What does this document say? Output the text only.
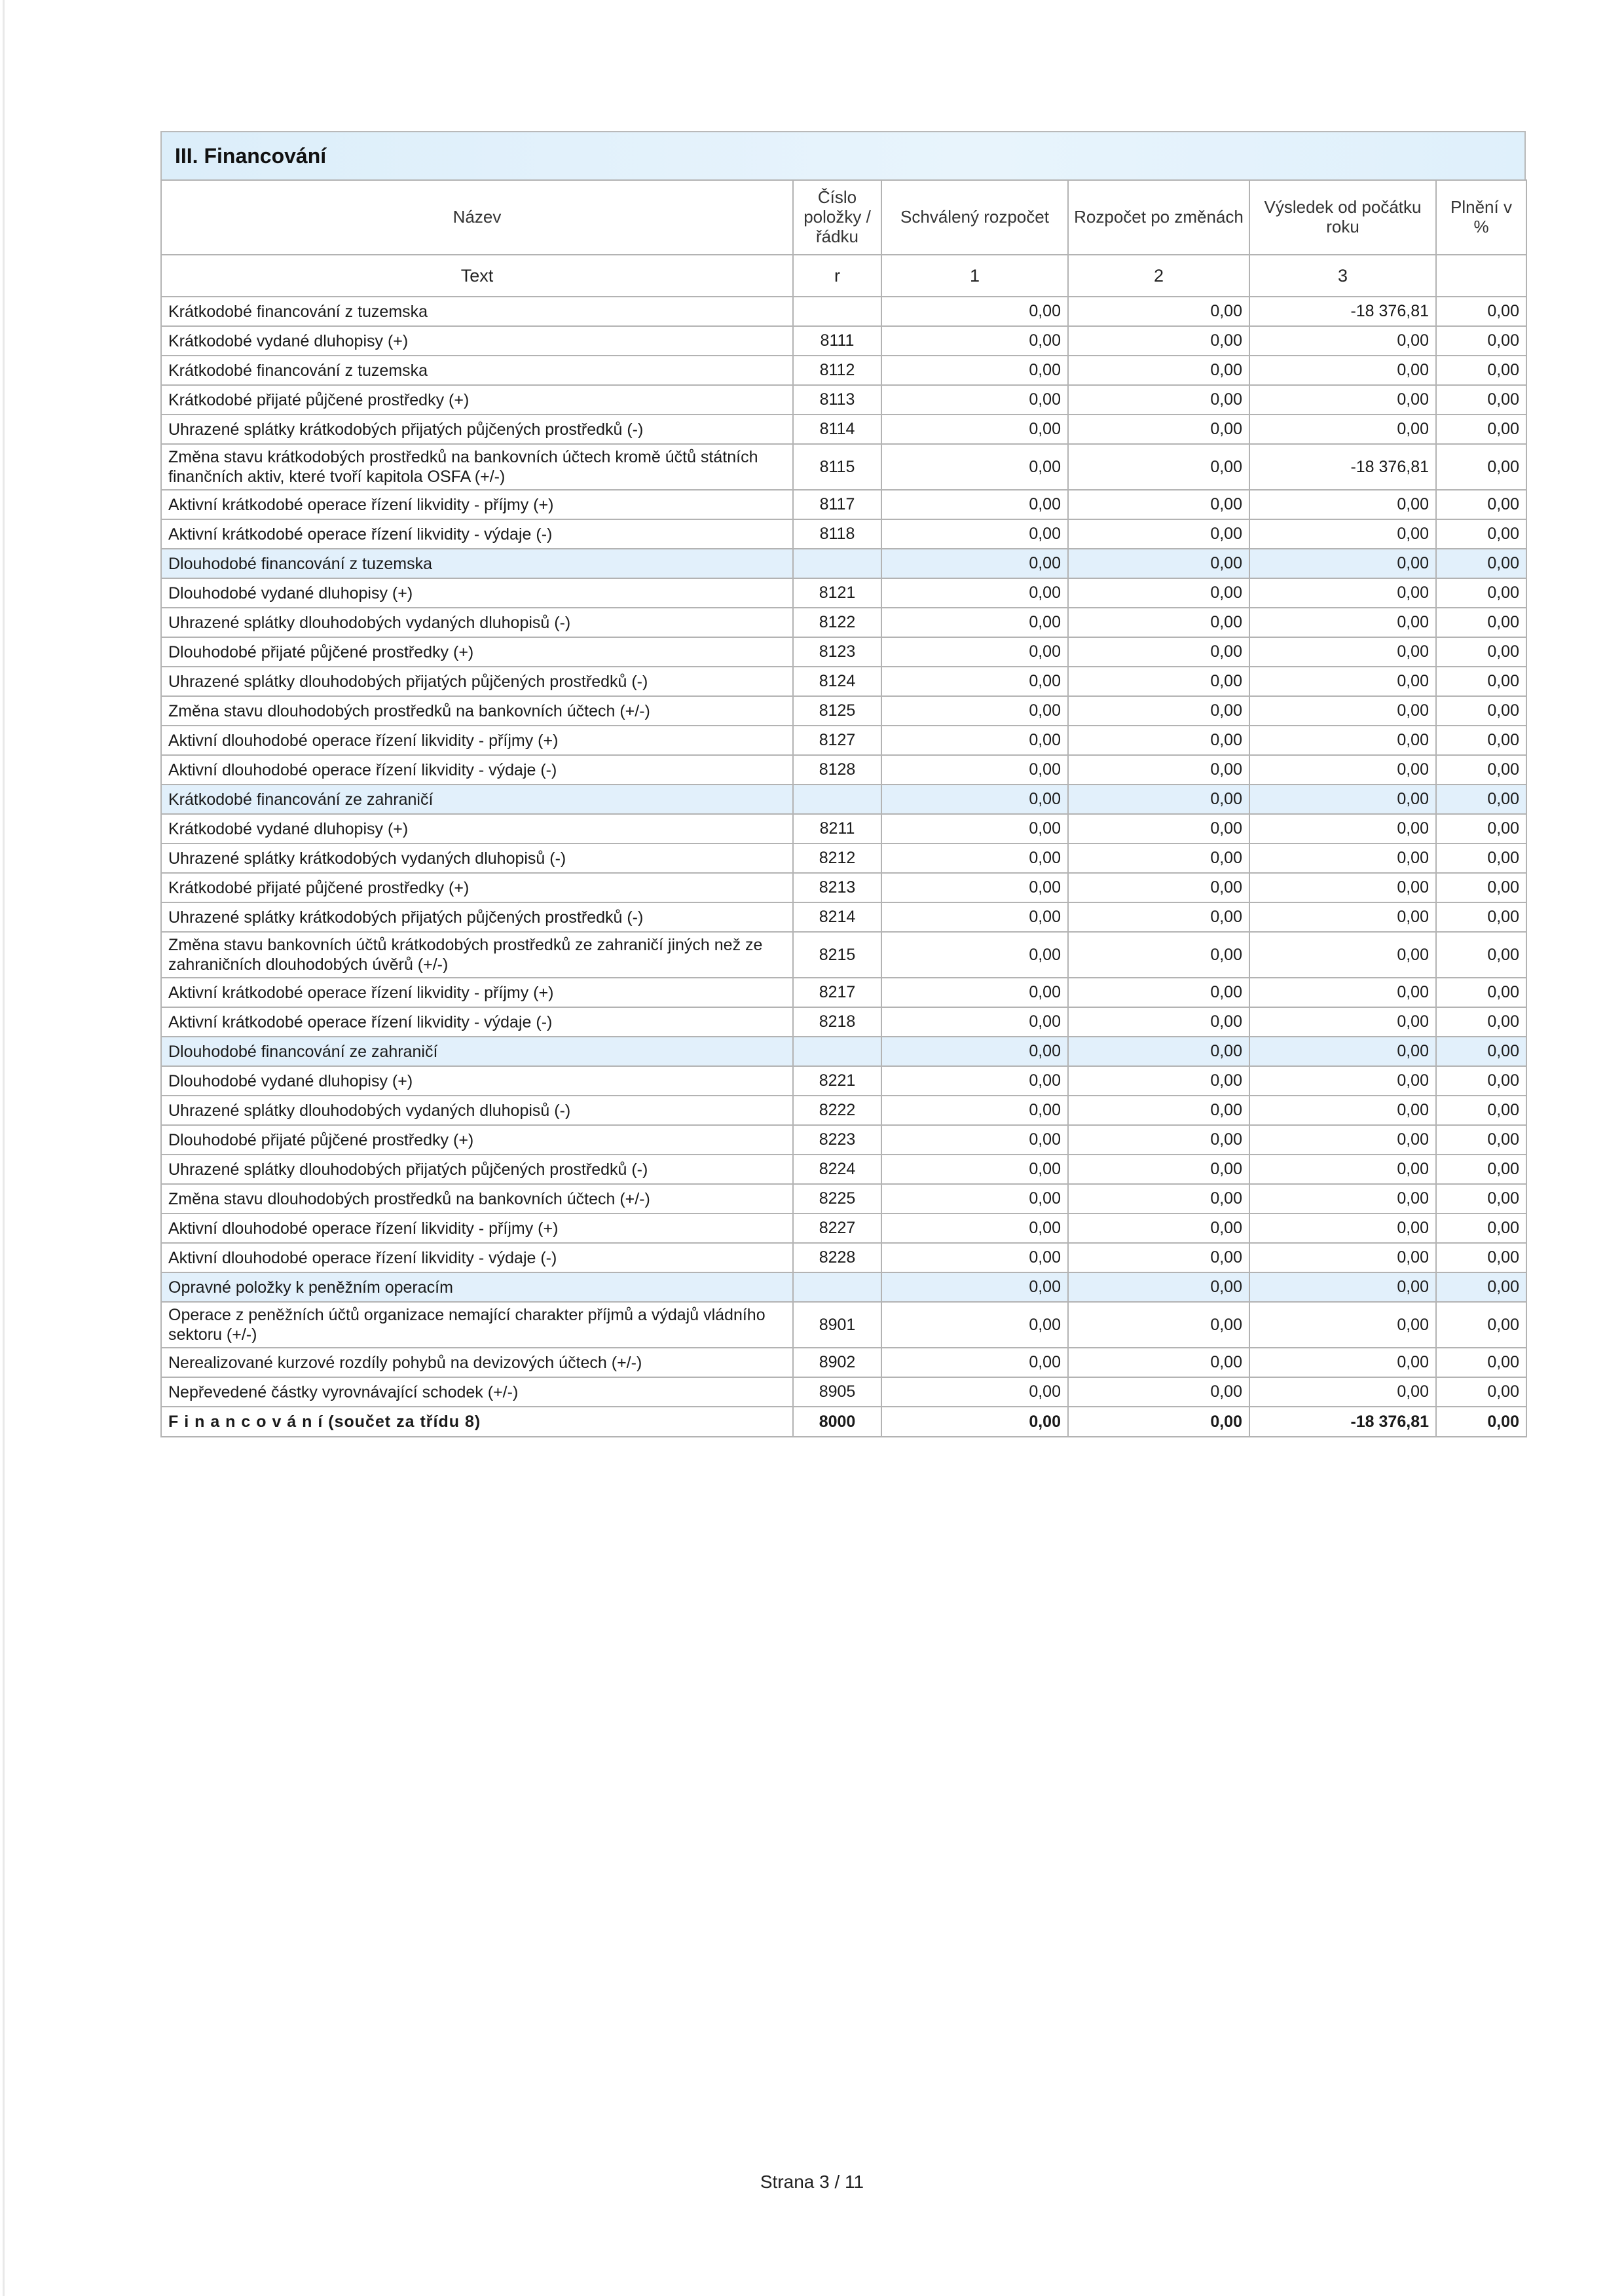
III. Financování
Název	Číslo položky / řádku	Schválený rozpočet	Rozpočet po změnách	Výsledek od počátku roku	Plnění v %
Text	r	1	2	3	
Krátkodobé financování z tuzemska		0,00	0,00	-18 376,81	0,00
Krátkodobé vydané dluhopisy (+)	8111	0,00	0,00	0,00	0,00
Krátkodobé financování z tuzemska	8112	0,00	0,00	0,00	0,00
Krátkodobé přijaté půjčené prostředky (+)	8113	0,00	0,00	0,00	0,00
Uhrazené splátky krátkodobých přijatých půjčených prostředků (-)	8114	0,00	0,00	0,00	0,00
Změna stavu krátkodobých prostředků na bankovních účtech kromě účtů státních finančních aktiv, které tvoří kapitola OSFA (+/-)	8115	0,00	0,00	-18 376,81	0,00
Aktivní krátkodobé operace řízení likvidity - příjmy (+)	8117	0,00	0,00	0,00	0,00
Aktivní krátkodobé operace řízení likvidity - výdaje (-)	8118	0,00	0,00	0,00	0,00
Dlouhodobé financování z tuzemska		0,00	0,00	0,00	0,00
Dlouhodobé vydané dluhopisy (+)	8121	0,00	0,00	0,00	0,00
Uhrazené splátky dlouhodobých vydaných dluhopisů (-)	8122	0,00	0,00	0,00	0,00
Dlouhodobé přijaté půjčené prostředky (+)	8123	0,00	0,00	0,00	0,00
Uhrazené splátky dlouhodobých přijatých půjčených prostředků (-)	8124	0,00	0,00	0,00	0,00
Změna stavu dlouhodobých prostředků na bankovních účtech (+/-)	8125	0,00	0,00	0,00	0,00
Aktivní dlouhodobé operace řízení likvidity - příjmy (+)	8127	0,00	0,00	0,00	0,00
Aktivní dlouhodobé operace řízení likvidity - výdaje (-)	8128	0,00	0,00	0,00	0,00
Krátkodobé financování ze zahraničí		0,00	0,00	0,00	0,00
Krátkodobé vydané dluhopisy (+)	8211	0,00	0,00	0,00	0,00
Uhrazené splátky krátkodobých vydaných dluhopisů (-)	8212	0,00	0,00	0,00	0,00
Krátkodobé přijaté půjčené prostředky (+)	8213	0,00	0,00	0,00	0,00
Uhrazené splátky krátkodobých přijatých půjčených prostředků (-)	8214	0,00	0,00	0,00	0,00
Změna stavu bankovních účtů krátkodobých prostředků ze zahraničí jiných než ze zahraničních dlouhodobých úvěrů (+/-)	8215	0,00	0,00	0,00	0,00
Aktivní krátkodobé operace řízení likvidity - příjmy (+)	8217	0,00	0,00	0,00	0,00
Aktivní krátkodobé operace řízení likvidity - výdaje (-)	8218	0,00	0,00	0,00	0,00
Dlouhodobé financování ze zahraničí		0,00	0,00	0,00	0,00
Dlouhodobé vydané dluhopisy (+)	8221	0,00	0,00	0,00	0,00
Uhrazené splátky dlouhodobých vydaných dluhopisů (-)	8222	0,00	0,00	0,00	0,00
Dlouhodobé přijaté půjčené prostředky (+)	8223	0,00	0,00	0,00	0,00
Uhrazené splátky dlouhodobých přijatých půjčených prostředků (-)	8224	0,00	0,00	0,00	0,00
Změna stavu dlouhodobých prostředků na bankovních účtech (+/-)	8225	0,00	0,00	0,00	0,00
Aktivní dlouhodobé operace řízení likvidity - příjmy (+)	8227	0,00	0,00	0,00	0,00
Aktivní dlouhodobé operace řízení likvidity - výdaje (-)	8228	0,00	0,00	0,00	0,00
Opravné položky k peněžním operacím		0,00	0,00	0,00	0,00
Operace z peněžních účtů organizace nemající charakter příjmů a výdajů vládního sektoru (+/-)	8901	0,00	0,00	0,00	0,00
Nerealizované kurzové rozdíly pohybů na devizových účtech (+/-)	8902	0,00	0,00	0,00	0,00
Nepřevedené částky vyrovnávající schodek (+/-)	8905	0,00	0,00	0,00	0,00
F i n a n c o v á n í (součet za třídu 8)	8000	0,00	0,00	-18 376,81	0,00
Strana 3 / 11
